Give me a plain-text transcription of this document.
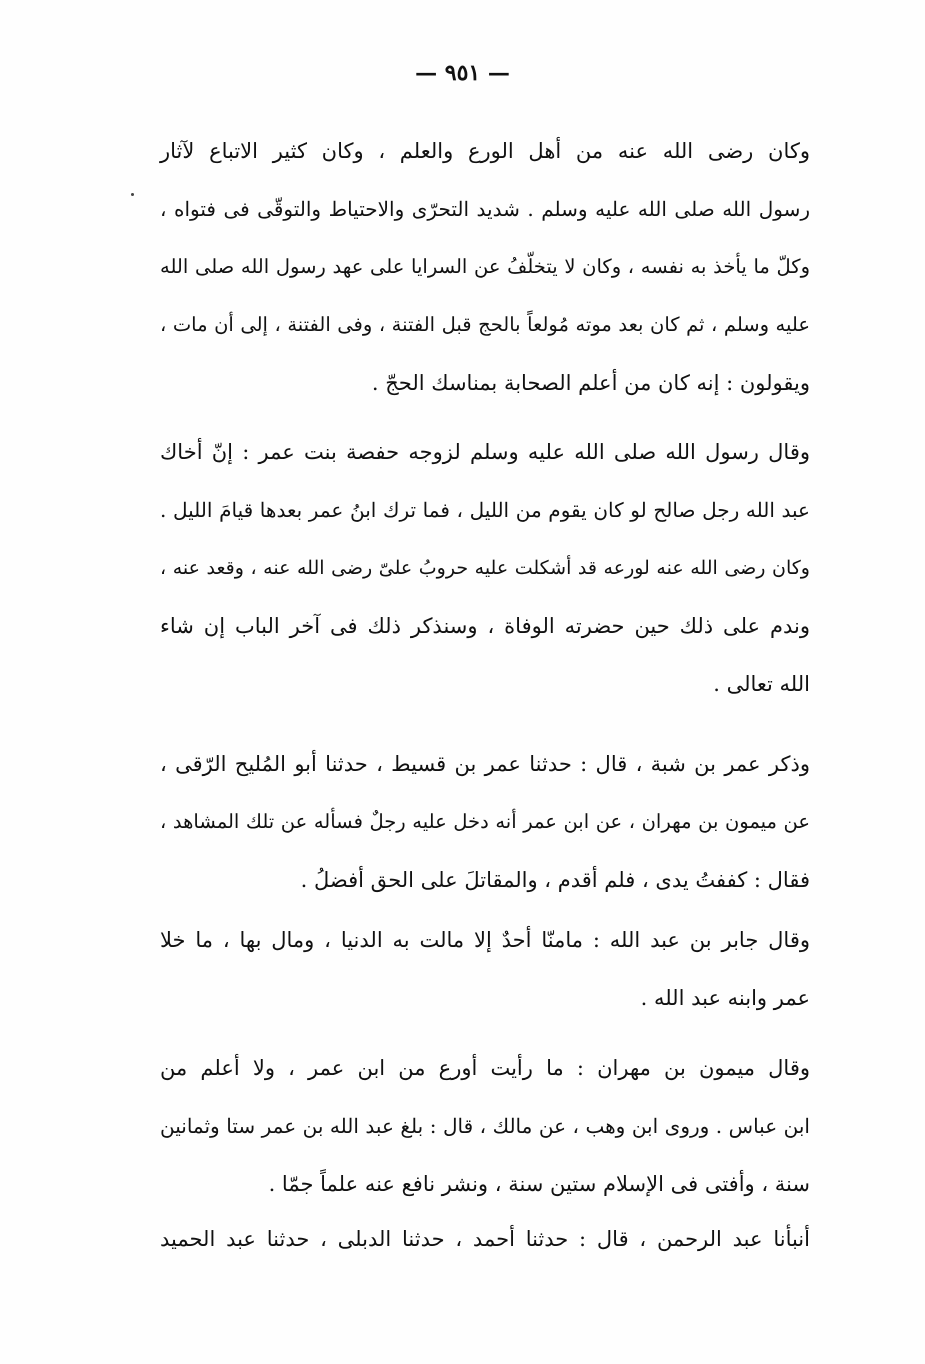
— ٩٥١ —
وكان رضى الله عنه من أهل الورع والعلم ، وكان كثير الاتباع لآثار
رسول الله صلى الله عليه وسلم . شديد التحرّى والاحتياط والتوقّى فى فتواه ،
وكلّ ما يأخذ به نفسه ، وكان لا يتخلّفُ عن السرايا على عهد رسول الله صلى الله
عليه وسلم ، ثم كان بعد موته مُولعاً بالحج قبل الفتنة ، وفى الفتنة ، إلى أن مات ،
ويقولون : إنه كان من أعلم الصحابة بمناسك الحجّ .
وقال رسول الله صلى الله عليه وسلم لزوجه حفصة بنت عمر : إنّ أخاك
عبد الله رجل صالح لو كان يقوم من الليل ، فما ترك ابنُ عمر بعدها قيامَ الليل .
وكان رضى الله عنه لورعه قد أشكلت عليه حروبُ علىّ رضى الله عنه ، وقعد عنه ،
وندم على ذلك حين حضرته الوفاة ، وسنذكر ذلك فى آخر الباب إن شاء
الله تعالى .
وذكر عمر بن شبة ، قال : حدثنا عمر بن قسيط ، حدثنا أبو المُليح الرّقى ،
عن ميمون بن مهران ، عن ابن عمر أنه دخل عليه رجلٌ فسأله عن تلك المشاهد ،
فقال : كففتُ يدى ، فلم أقدم ، والمقاتلَ على الحق أفضلُ .
وقال جابر بن عبد الله : مامنّا أحدٌ إلا مالت به الدنيا ، ومال بها ، ما خلا
عمر وابنه عبد الله .
وقال ميمون بن مهران : ما رأيت أورع من ابن عمر ، ولا أعلم من
ابن عباس . وروى ابن وهب ، عن مالك ، قال : بلغ عبد الله بن عمر ستا وثمانين
سنة ، وأفتى فى الإسلام ستين سنة ، ونشر نافع عنه علماً جمّا .
أنبأنا عبد الرحمن ، قال : حدثنا أحمد ، حدثنا الدبلى ، حدثنا عبد الحميد
